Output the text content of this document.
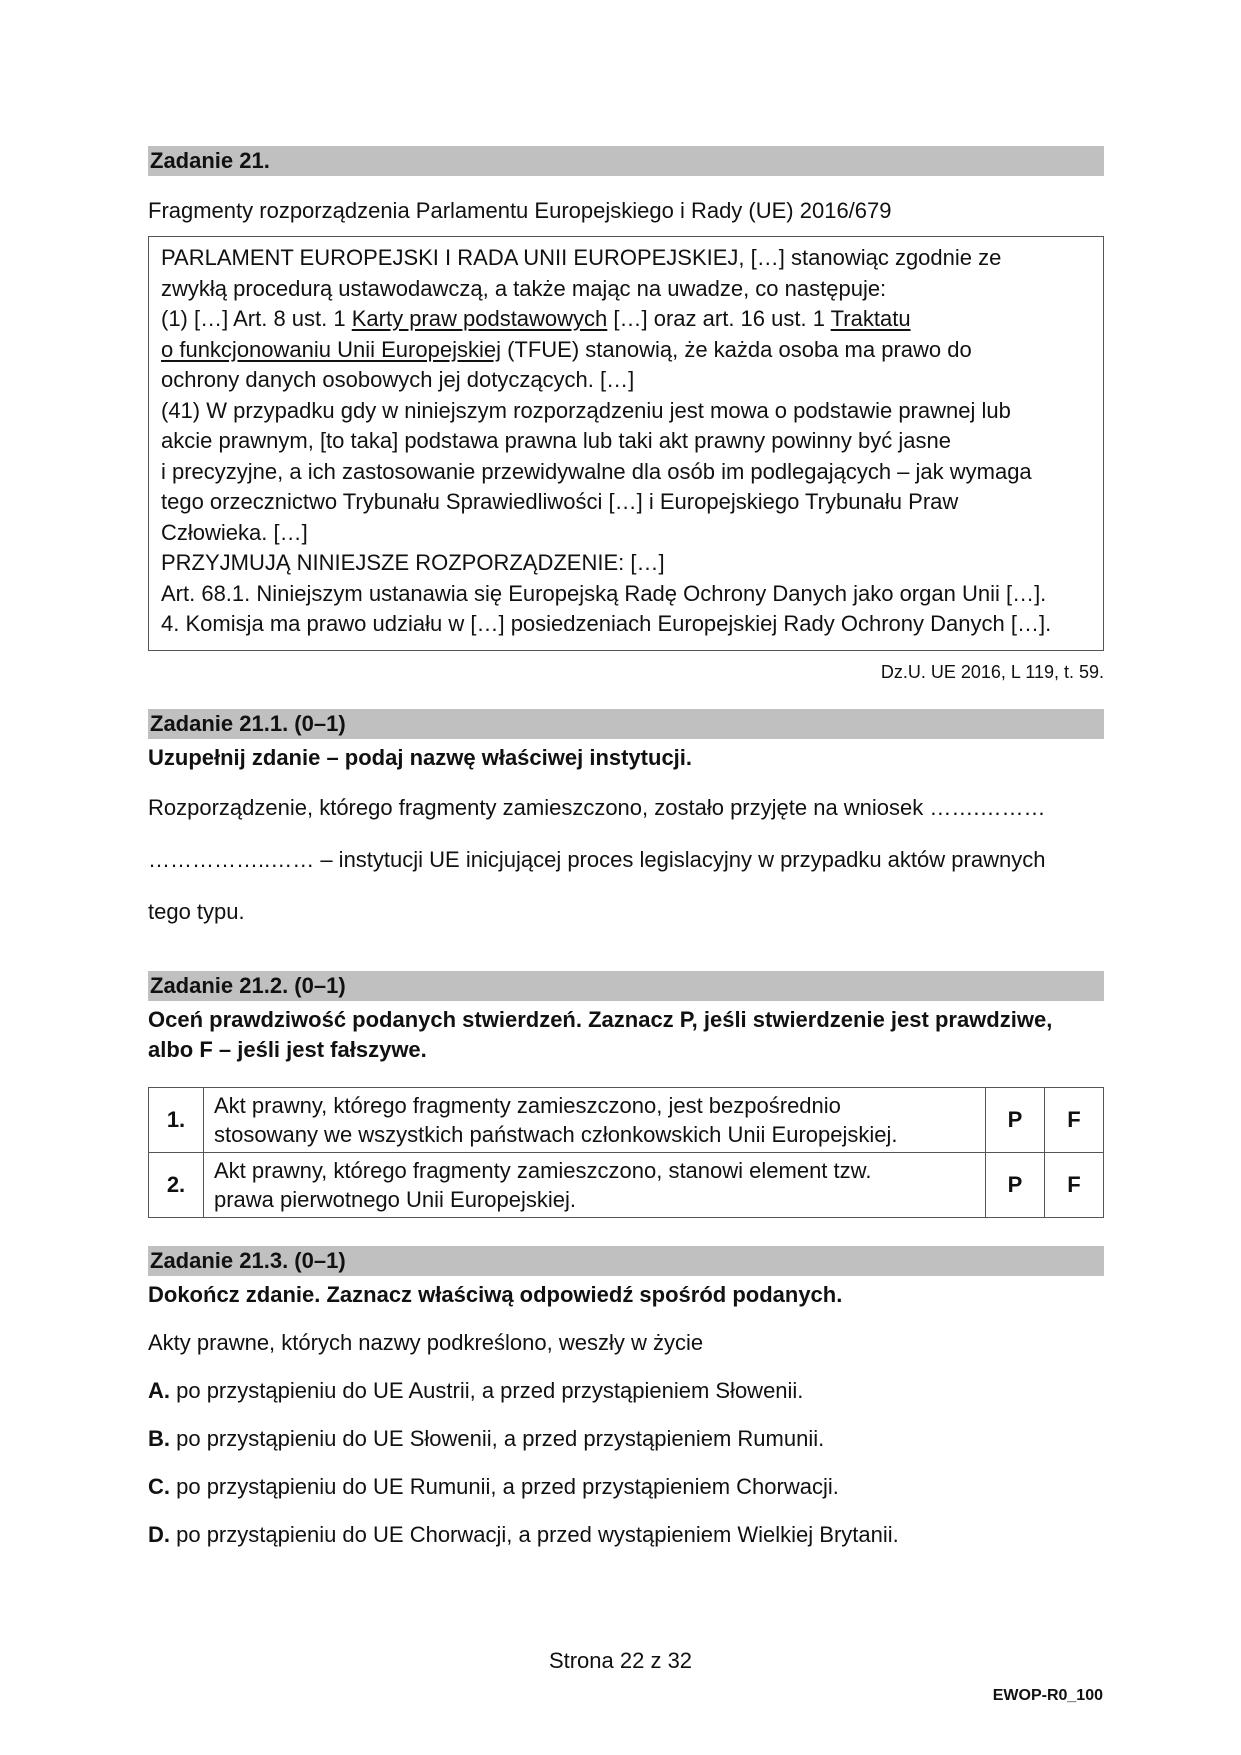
Zadanie 21.
Fragmenty rozporządzenia Parlamentu Europejskiego i Rady (UE) 2016/679
PARLAMENT EUROPEJSKI I RADA UNII EUROPEJSKIEJ, […] stanowiąc zgodnie ze
zwykłą procedurą ustawodawczą, a także mając na uwadze, co następuje:
(1) […] Art. 8 ust. 1 Karty praw podstawowych […] oraz art. 16 ust. 1 Traktatu
o funkcjonowaniu Unii Europejskiej (TFUE) stanowią, że każda osoba ma prawo do
ochrony danych osobowych jej dotyczących. […]
(41) W przypadku gdy w niniejszym rozporządzeniu jest mowa o podstawie prawnej lub
akcie prawnym, [to taka] podstawa prawna lub taki akt prawny powinny być jasne
i precyzyjne, a ich zastosowanie przewidywalne dla osób im podlegających – jak wymaga
tego orzecznictwo Trybunału Sprawiedliwości […] i Europejskiego Trybunału Praw
Człowieka. […]
PRZYJMUJĄ NINIEJSZE ROZPORZĄDZENIE: […]
Art. 68.1. Niniejszym ustanawia się Europejską Radę Ochrony Danych jako organ Unii […].
4. Komisja ma prawo udziału w […] posiedzeniach Europejskiej Rady Ochrony Danych […].
Dz.U. UE 2016, L 119, t. 59.
Zadanie 21.1. (0–1)
Uzupełnij zdanie – podaj nazwę właściwej instytucji.
Rozporządzenie, którego fragmenty zamieszczono, zostało przyjęte na wniosek …….………
……………..…… – instytucji UE inicjującej proces legislacyjny w przypadku aktów prawnych
tego typu.
Zadanie 21.2. (0–1)
Oceń prawdziwość podanych stwierdzeń. Zaznacz P, jeśli stwierdzenie jest prawdziwe,
albo F – jeśli jest fałszywe.
1.	Akt prawny, którego fragmenty zamieszczono, jest bezpośrednio
stosowany we wszystkich państwach członkowskich Unii Europejskiej.	P	F
2.	Akt prawny, którego fragmenty zamieszczono, stanowi element tzw.
prawa pierwotnego Unii Europejskiej.	P	F
Zadanie 21.3. (0–1)
Dokończ zdanie. Zaznacz właściwą odpowiedź spośród podanych.
Akty prawne, których nazwy podkreślono, weszły w życie
A. po przystąpieniu do UE Austrii, a przed przystąpieniem Słowenii.
B. po przystąpieniu do UE Słowenii, a przed przystąpieniem Rumunii.
C. po przystąpieniu do UE Rumunii, a przed przystąpieniem Chorwacji.
D. po przystąpieniu do UE Chorwacji, a przed wystąpieniem Wielkiej Brytanii.
Strona 22 z 32
EWOP-R0_100
